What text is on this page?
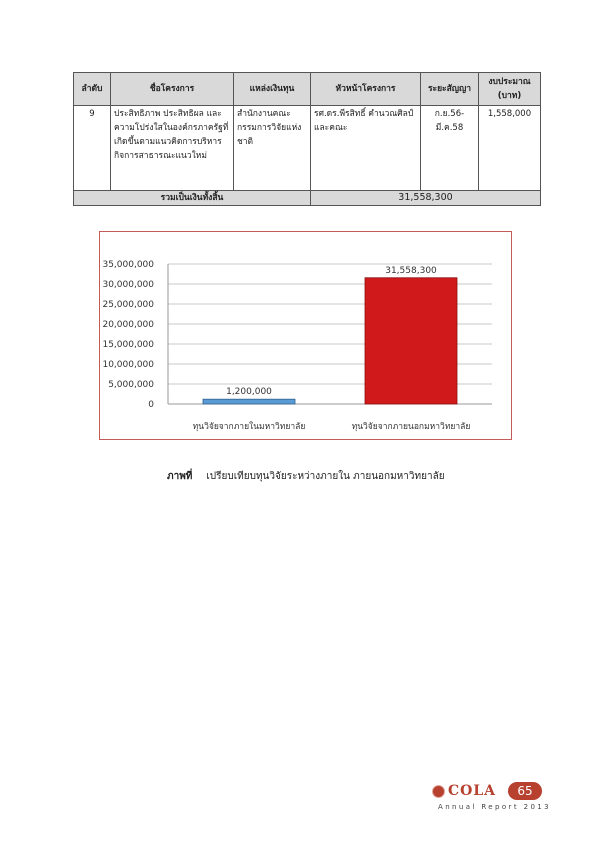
ลำดับ	ชื่อโครงการ	แหล่งเงินทุน	หัวหน้าโครงการ	ระยะสัญญา	งบประมาณ (บาท)
9	ประสิทธิภาพ ประสิทธิผล และความโปร่งใสในองค์กรภาครัฐที่เกิดขึ้นตามแนวคิดการบริหารกิจการสาธารณะแนวใหม่	สำนักงานคณะกรรมการวิจัยแห่งชาติ	รศ.ดร.พีรสิทธิ์ คำนวณศิลป์ และคณะ	ก.ย.56-มี.ค.58	1,558,000
รวมเป็นเงินทั้งสิ้น			31,558,300		
0
5,000,000
10,000,000
15,000,000
20,000,000
25,000,000
30,000,000
35,000,000
1,200,000
ทุนวิจัยจากภายในมหาวิทยาลัย
31,558,300
ทุนวิจัยจากภายนอกมหาวิทยาลัย
ภาพที่ เปรียบเทียบทุนวิจัยระหว่างภายใน ภายนอกมหาวิทยาลัย
COLA	65
Annual Report 2013
